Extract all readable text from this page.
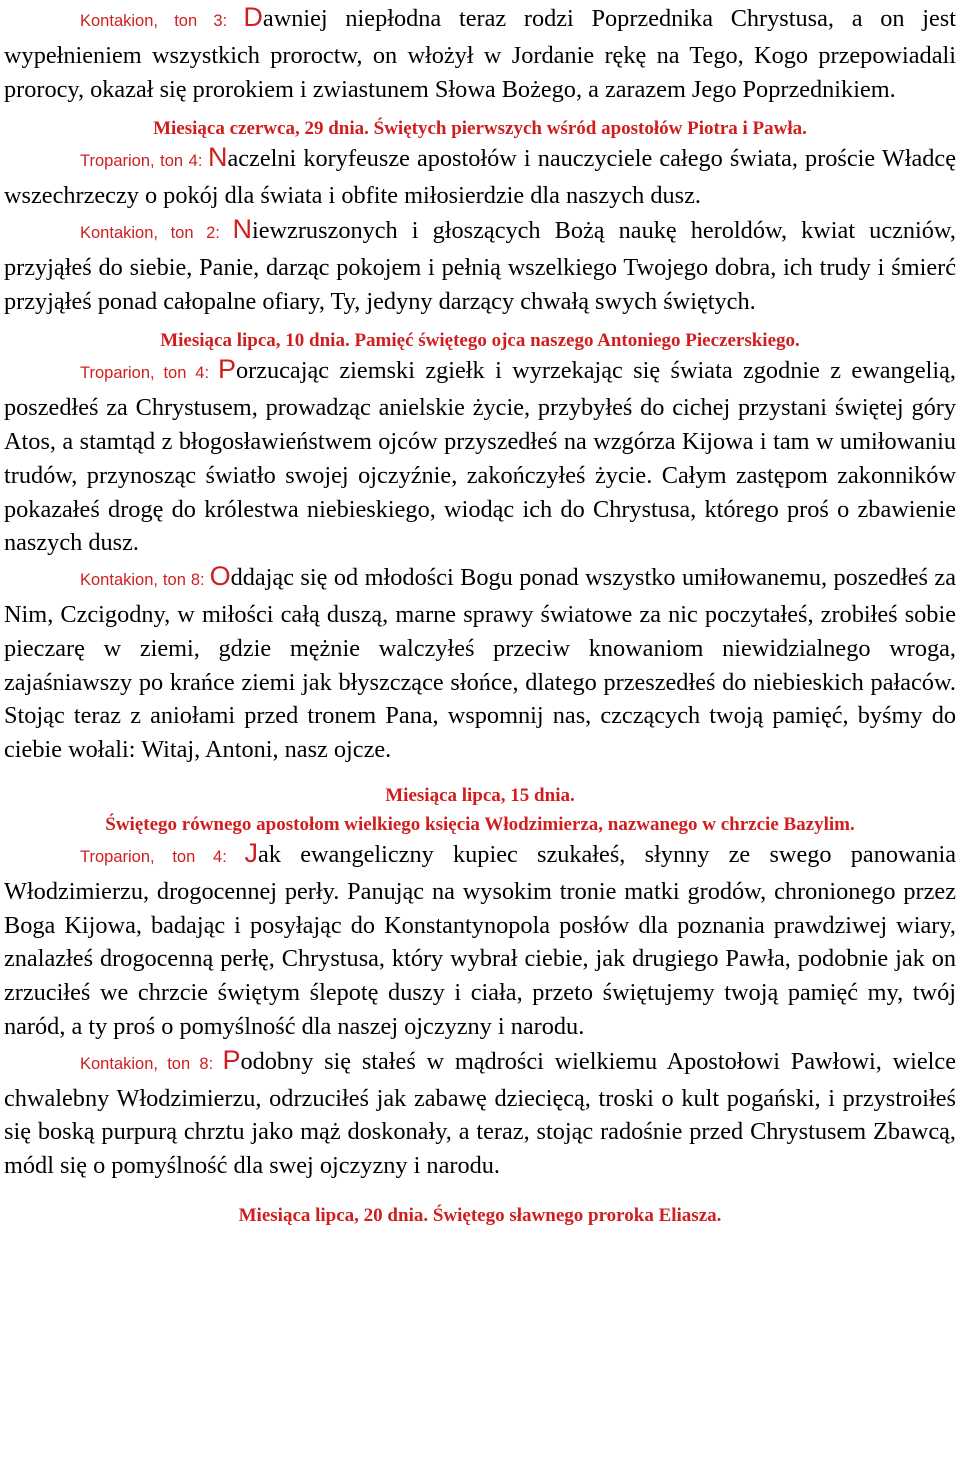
Kontakion, ton 3: Dawniej niepłodna teraz rodzi Poprzednika Chrystusa, a on jest wypełnieniem wszystkich proroctw, on włożył w Jordanie rękę na Tego, Kogo przepowiadali prorocy, okazał się prorokiem i zwiastunem Słowa Bożego, a zarazem Jego Poprzednikiem.

Miesiąca czerwca, 29 dnia. Świętych pierwszych wśród apostołów Piotra i Pawła.

Troparion, ton 4: Naczelni koryfeusze apostołów i nauczyciele całego świata, proście Władcę wszechrzeczy o pokój dla świata i obfite miłosierdzie dla naszych dusz.

Kontakion, ton 2: Niewzruszonych i głoszących Bożą naukę heroldów, kwiat uczniów, przyjąłeś do siebie, Panie, darząc pokojem i pełnią wszelkiego Twojego dobra, ich trudy i śmierć przyjąłeś ponad całopalne ofiary, Ty, jedyny darzący chwałą swych świętych.

Miesiąca lipca, 10 dnia. Pamięć świętego ojca naszego Antoniego Pieczerskiego.

Troparion, ton 4: Porzucając ziemski zgiełk i wyrzekając się świata zgodnie z ewangelią, poszedłeś za Chrystusem, prowadząc anielskie życie, przybyłeś do cichej przystani świętej góry Atos, a stamtąd z błogosławieństwem ojców przyszedłeś na wzgórza Kijowa i tam w umiłowaniu trudów, przynosząc światło swojej ojczyźnie, zakończyłeś życie. Całym zastępom zakonników pokazałeś drogę do królestwa niebieskiego, wiodąc ich do Chrystusa, którego proś o zbawienie naszych dusz.

Kontakion, ton 8: Oddając się od młodości Bogu ponad wszystko umiłowanemu, poszedłeś za Nim, Czcigodny, w miłości całą duszą, marne sprawy światowe za nic poczytałeś, zrobiłeś sobie pieczarę w ziemi, gdzie mężnie walczyłeś przeciw knowaniom niewidzialnego wroga, zajaśniawszy po krańce ziemi jak błyszczące słońce, dlatego przeszedłeś do niebieskich pałaców. Stojąc teraz z aniołami przed tronem Pana, wspomnij nas, czczących twoją pamięć, byśmy do ciebie wołali: Witaj, Antoni, nasz ojcze.

Miesiąca lipca, 15 dnia.

Świętego równego apostołom wielkiego księcia Włodzimierza, nazwanego w chrzcie Bazylim.

Troparion, ton 4: Jak ewangeliczny kupiec szukałeś, słynny ze swego panowania Włodzimierzu, drogocennej perły. Panując na wysokim tronie matki grodów, chronionego przez Boga Kijowa, badając i posyłając do Konstantynopola posłów dla poznania prawdziwej wiary, znalazłeś drogocenną perłę, Chrystusa, który wybrał ciebie, jak drugiego Pawła, podobnie jak on zrzuciłeś we chrzcie świętym ślepotę duszy i ciała, przeto świętujemy twoją pamięć my, twój naród, a ty proś o pomyślność dla naszej ojczyzny i narodu.

Kontakion, ton 8: Podobny się stałeś w mądrości wielkiemu Apostołowi Pawłowi, wielce chwalebny Włodzimierzu, odrzuciłeś jak zabawę dziecięcą, troski o kult pogański, i przystroiłeś się boską purpurą chrztu jako mąż doskonały, a teraz, stojąc radośnie przed Chrystusem Zbawcą, módl się o pomyślność dla swej ojczyzny i narodu.

Miesiąca lipca, 20 dnia. Świętego sławnego proroka Eliasza.
